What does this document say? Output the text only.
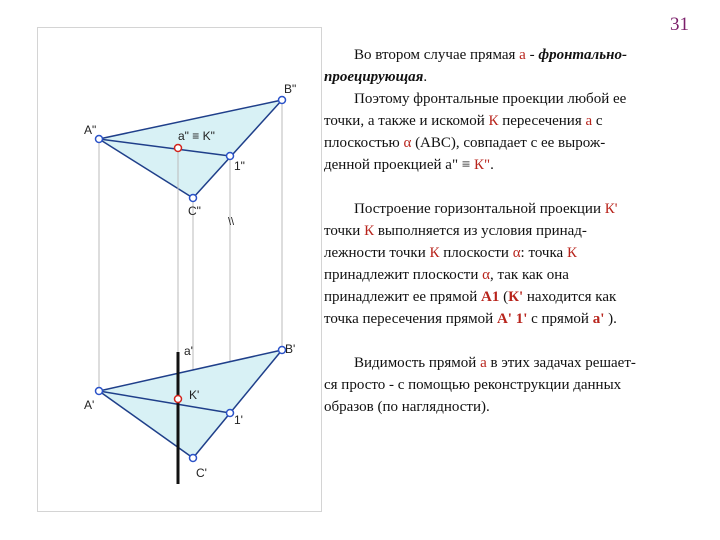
31
A"
B"
C"
1"
a" ≡ K"
\\
A'
B'
C'
1'
a'
K'

Во втором случае прямая а - фронтально-

проецирующая.

Поэтому фронтальные проекции любой ее

точки, а также и искомой К пересечения а с

плоскостью α (АВС), совпадает с ее вырож-

денной проекцией а" ≡ К".

Построение горизонтальной проекции К'

точки К выполняется из условия принад-

лежности точки К плоскости α: точка К

принадлежит плоскости α, так как она

принадлежит ее прямой А1 (К' находится как

точка пересечения прямой А' 1' с прямой а' ).

Видимость прямой а в этих задачах решает-

ся просто - с помощью реконструкции данных

образов (по наглядности).
